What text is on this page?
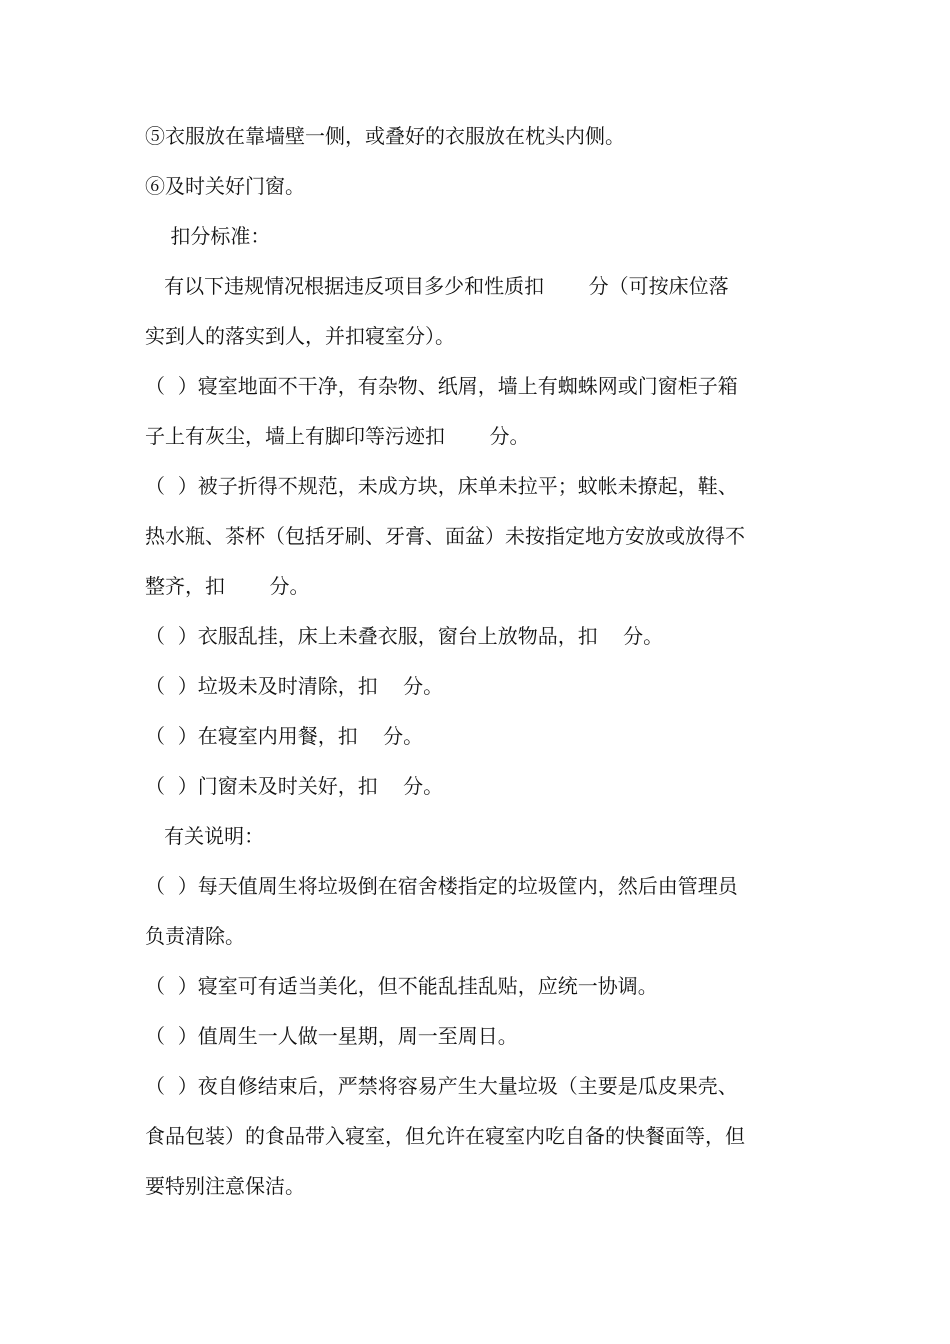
⑤衣服放在靠墙壁一侧，或叠好的衣服放在枕头内侧。
⑥及时关好门窗。
扣分标准：
有以下违规情况根据违反项目多少和性质扣       分（可按床位落
实到人的落实到人，并扣寝室分）。
（  ）寝室地面不干净，有杂物、纸屑，墙上有蜘蛛网或门窗柜子箱
子上有灰尘，墙上有脚印等污迹扣       分。
（  ）被子折得不规范，未成方块，床单未拉平；蚊帐未撩起，鞋、
热水瓶、茶杯（包括牙刷、牙膏、面盆）未按指定地方安放或放得不
整齐，扣       分。
（  ）衣服乱挂，床上未叠衣服，窗台上放物品，扣    分。
（  ）垃圾未及时清除，扣    分。
（  ）在寝室内用餐，扣    分。
（  ）门窗未及时关好，扣    分。
有关说明：
（  ）每天值周生将垃圾倒在宿舍楼指定的垃圾筐内，然后由管理员
负责清除。
（  ）寝室可有适当美化，但不能乱挂乱贴，应统一协调。
（  ）值周生一人做一星期，周一至周日。
（  ）夜自修结束后，严禁将容易产生大量垃圾（主要是瓜皮果壳、
食品包装）的食品带入寝室，但允许在寝室内吃自备的快餐面等，但
要特别注意保洁。
